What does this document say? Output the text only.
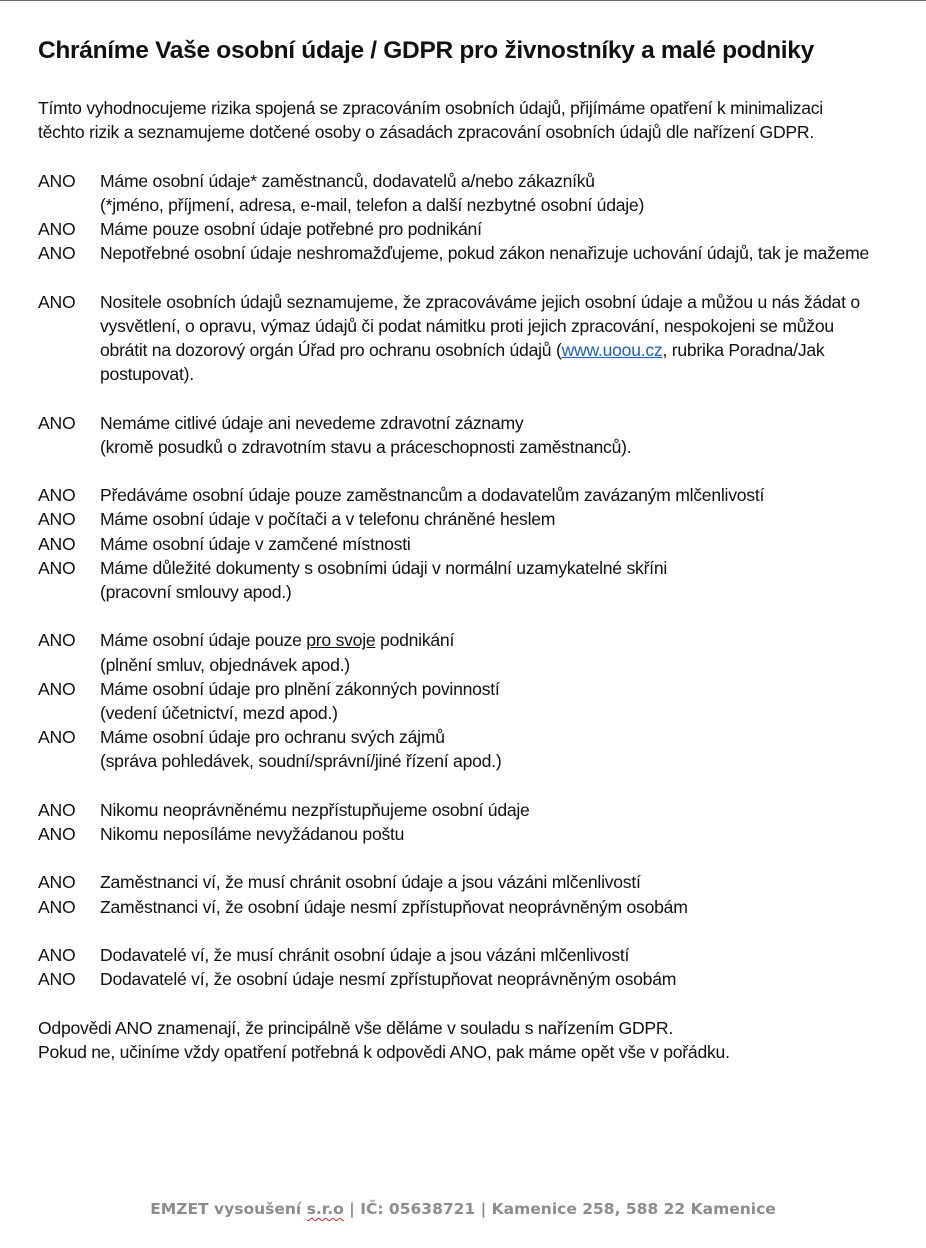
Chráníme Vaše osobní údaje / GDPR pro živnostníky a malé podniky

Tímto vyhodnocujeme rizika spojená se zpracováním osobních údajů, přijímáme opatření k minimalizaci

těchto rizik a seznamujeme dotčené osoby o zásadách zpracování osobních údajů dle nařízení GDPR.

ANO	Máme osobní údaje* zaměstnanců, dodavatelů a/nebo zákazníků
(*jméno, příjmení, adresa, e-mail, telefon a další nezbytné osobní údaje)
ANO	Máme pouze osobní údaje potřebné pro podnikání
ANO	Nepotřebné osobní údaje neshromažďujeme, pokud zákon nenařizuje uchování údajů, tak je mažeme
ANO	Nositele osobních údajů seznamujeme, že zpracováváme jejich osobní údaje a můžou u nás žádat o
vysvětlení, o opravu, výmaz údajů či podat námitku proti jejich zpracování, nespokojeni se můžou
obrátit na dozorový orgán Úřad pro ochranu osobních údajů (www.uoou.cz, rubrika Poradna/Jak
postupovat).
ANO	Nemáme citlivé údaje ani nevedeme zdravotní záznamy
(kromě posudků o zdravotním stavu a práceschopnosti zaměstnanců).
ANO	Předáváme osobní údaje pouze zaměstnancům a dodavatelům zavázaným mlčenlivostí
ANO	Máme osobní údaje v počítači a v telefonu chráněné heslem
ANO	Máme osobní údaje v zamčené místnosti
ANO	Máme důležité dokumenty s osobními údaji v normální uzamykatelné skříni
(pracovní smlouvy apod.)
ANO	Máme osobní údaje pouze pro svoje podnikání
(plnění smluv, objednávek apod.)
ANO	Máme osobní údaje pro plnění zákonných povinností
(vedení účetnictví, mezd apod.)
ANO	Máme osobní údaje pro ochranu svých zájmů
(správa pohledávek, soudní/správní/jiné řízení apod.)
ANO	Nikomu neoprávněnému nezpřístupňujeme osobní údaje
ANO	Nikomu neposíláme nevyžádanou poštu
ANO	Zaměstnanci ví, že musí chránit osobní údaje a jsou vázáni mlčenlivostí
ANO	Zaměstnanci ví, že osobní údaje nesmí zpřístupňovat neoprávněným osobám
ANO	Dodavatelé ví, že musí chránit osobní údaje a jsou vázáni mlčenlivostí
ANO	Dodavatelé ví, že osobní údaje nesmí zpřístupňovat neoprávněným osobám

Odpovědi ANO znamenají, že principálně vše děláme v souladu s nařízením GDPR.

Pokud ne, učiníme vždy opatření potřebná k odpovědi ANO, pak máme opět vše v pořádku.

EMZET vysoušení s.r.o | IČ: 05638721 | Kamenice 258, 588 22 Kamenice
